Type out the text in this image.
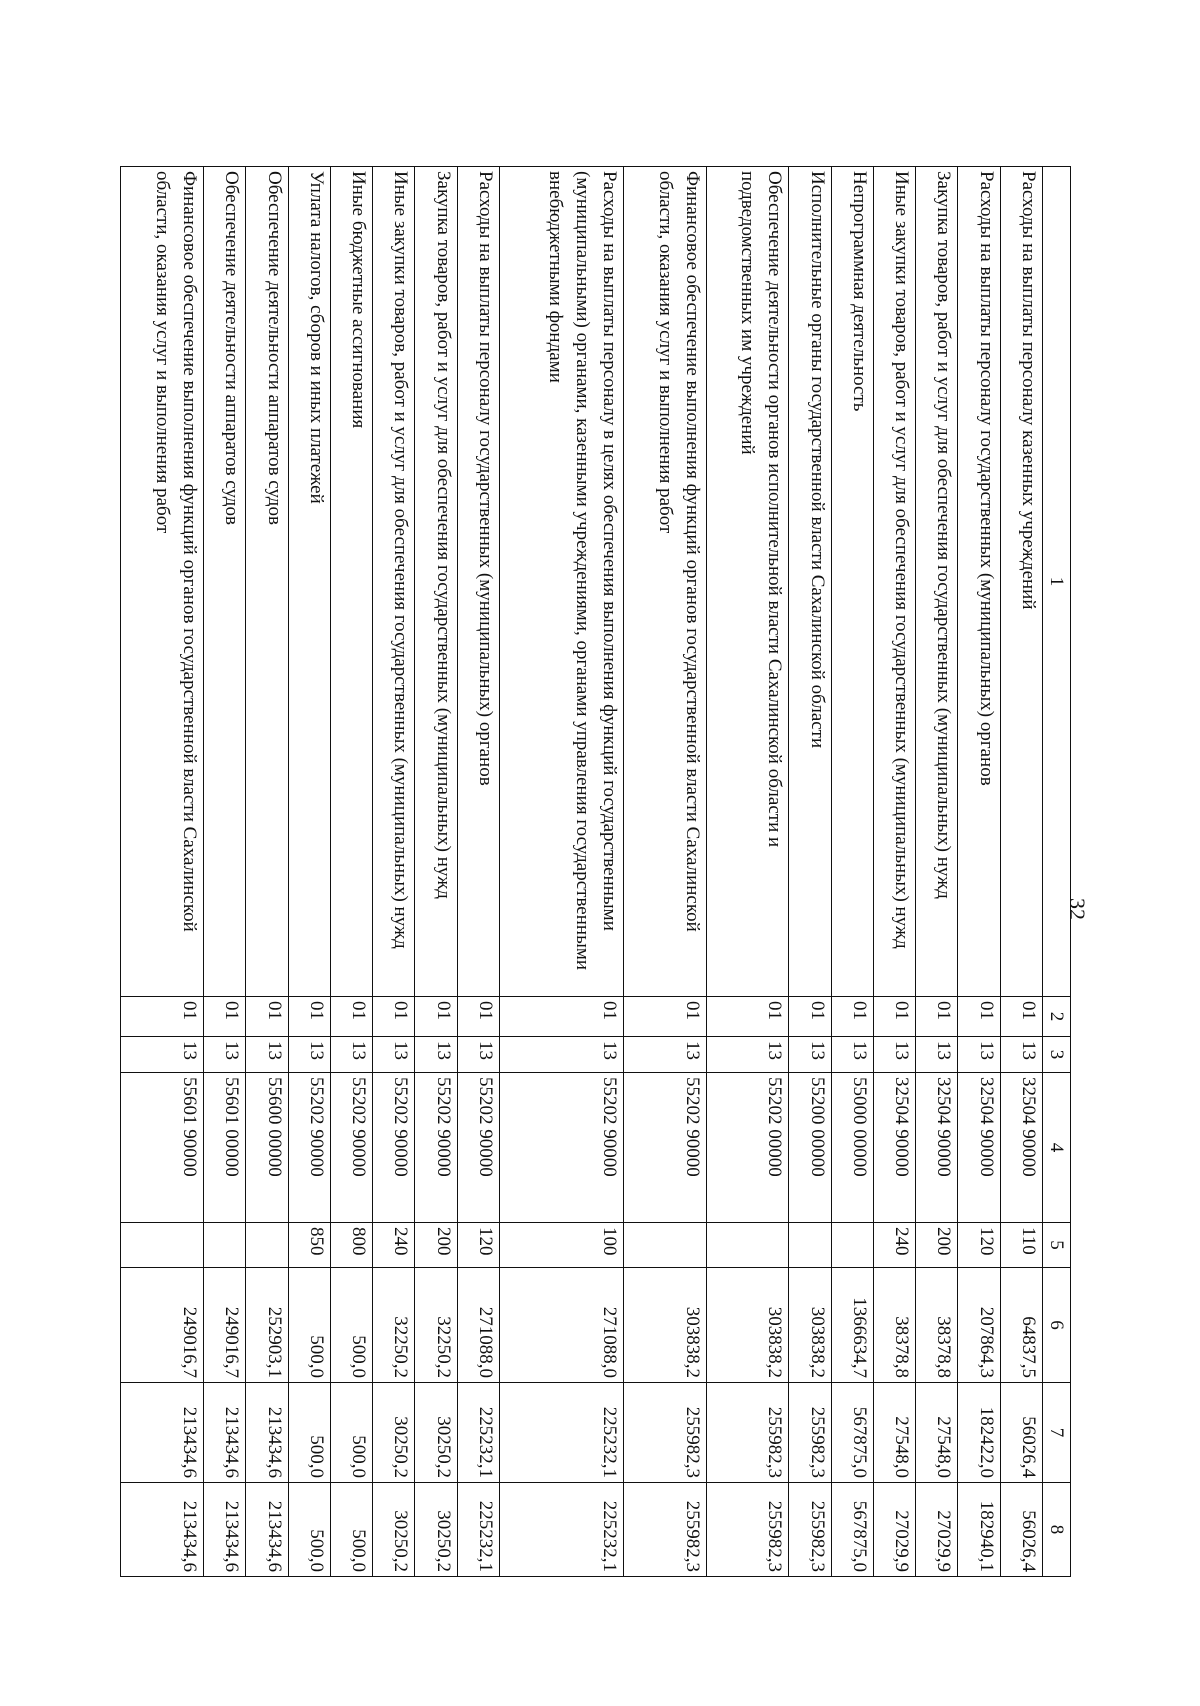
32
1	2	3	4	5	6	7	8
Расходы на выплаты персоналу казенных учреждений	01	13	32504 90000	110	64837,5	56026,4	56026,4
Расходы на выплаты персоналу государственных (муниципальных) органов	01	13	32504 90000	120	207864,3	182422,0	182940,1
Закупка товаров, работ и услуг для обеспечения государственных (муниципальных) нужд	01	13	32504 90000	200	38378,8	27548,0	27029,9
Иные закупки товаров, работ и услуг для обеспечения государственных (муниципальных) нужд	01	13	32504 90000	240	38378,8	27548,0	27029,9
Непрограммная деятельность	01	13	55000 00000		1366634,7	567875,0	567875,0
Исполнительные органы государственной власти Сахалинской области	01	13	55200 00000		303838,2	255982,3	255982,3
Обеспечение деятельности органов исполнительной власти Сахалинской области и подведомственных им учреждений	01	13	55202 00000		303838,2	255982,3	255982,3
Финансовое обеспечение выполнения функций органов государственной власти Сахалинской области, оказания услуг и выполнения работ	01	13	55202 90000		303838,2	255982,3	255982,3
Расходы на выплаты персоналу в целях обеспечения выполнения функций государственными (муниципальными) органами, казенными учреждениями, органами управления государственными внебюджетными фондами	01	13	55202 90000	100	271088,0	225232,1	225232,1
Расходы на выплаты персоналу государственных (муниципальных) органов	01	13	55202 90000	120	271088,0	225232,1	225232,1
Закупка товаров, работ и услуг для обеспечения государственных (муниципальных) нужд	01	13	55202 90000	200	32250,2	30250,2	30250,2
Иные закупки товаров, работ и услуг для обеспечения государственных (муниципальных) нужд	01	13	55202 90000	240	32250,2	30250,2	30250,2
Иные бюджетные ассигнования	01	13	55202 90000	800	500,0	500,0	500,0
Уплата налогов, сборов и иных платежей	01	13	55202 90000	850	500,0	500,0	500,0
Обеспечение деятельности аппаратов судов	01	13	55600 00000		252903,1	213434,6	213434,6
Обеспечение деятельности аппаратов судов	01	13	55601 00000		249016,7	213434,6	213434,6
Финансовое обеспечение выполнения функций органов государственной власти Сахалинской области, оказания услуг и выполнения работ	01	13	55601 90000		249016,7	213434,6	213434,6
